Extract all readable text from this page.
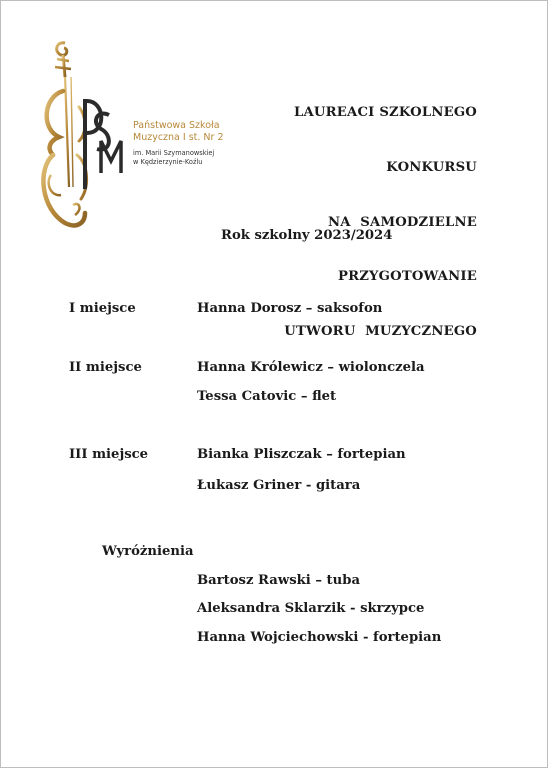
Państwowa Szkoła
Muzyczna I st. Nr 2
im. Marii Szymanowskiej
w Kędzierzynie-Koźlu

LAUREACI SZKOLNEGO

KONKURSU

NA  SAMODZIELNE

PRZYGOTOWANIE

UTWORU  MUZYCZNEGO

Rok szkolny 2023/2024
I miejsce	Hanna Dorosz – saksofon
II miejsce	Hanna Królewicz – wiolonczela
Tessa Catovic – flet
III miejsce	Bianka Pliszczak – fortepian
Łukasz Griner - gitara
Wyróżnienia
Bartosz Rawski – tuba
Aleksandra Sklarzik - skrzypce
Hanna Wojciechowski - fortepian
